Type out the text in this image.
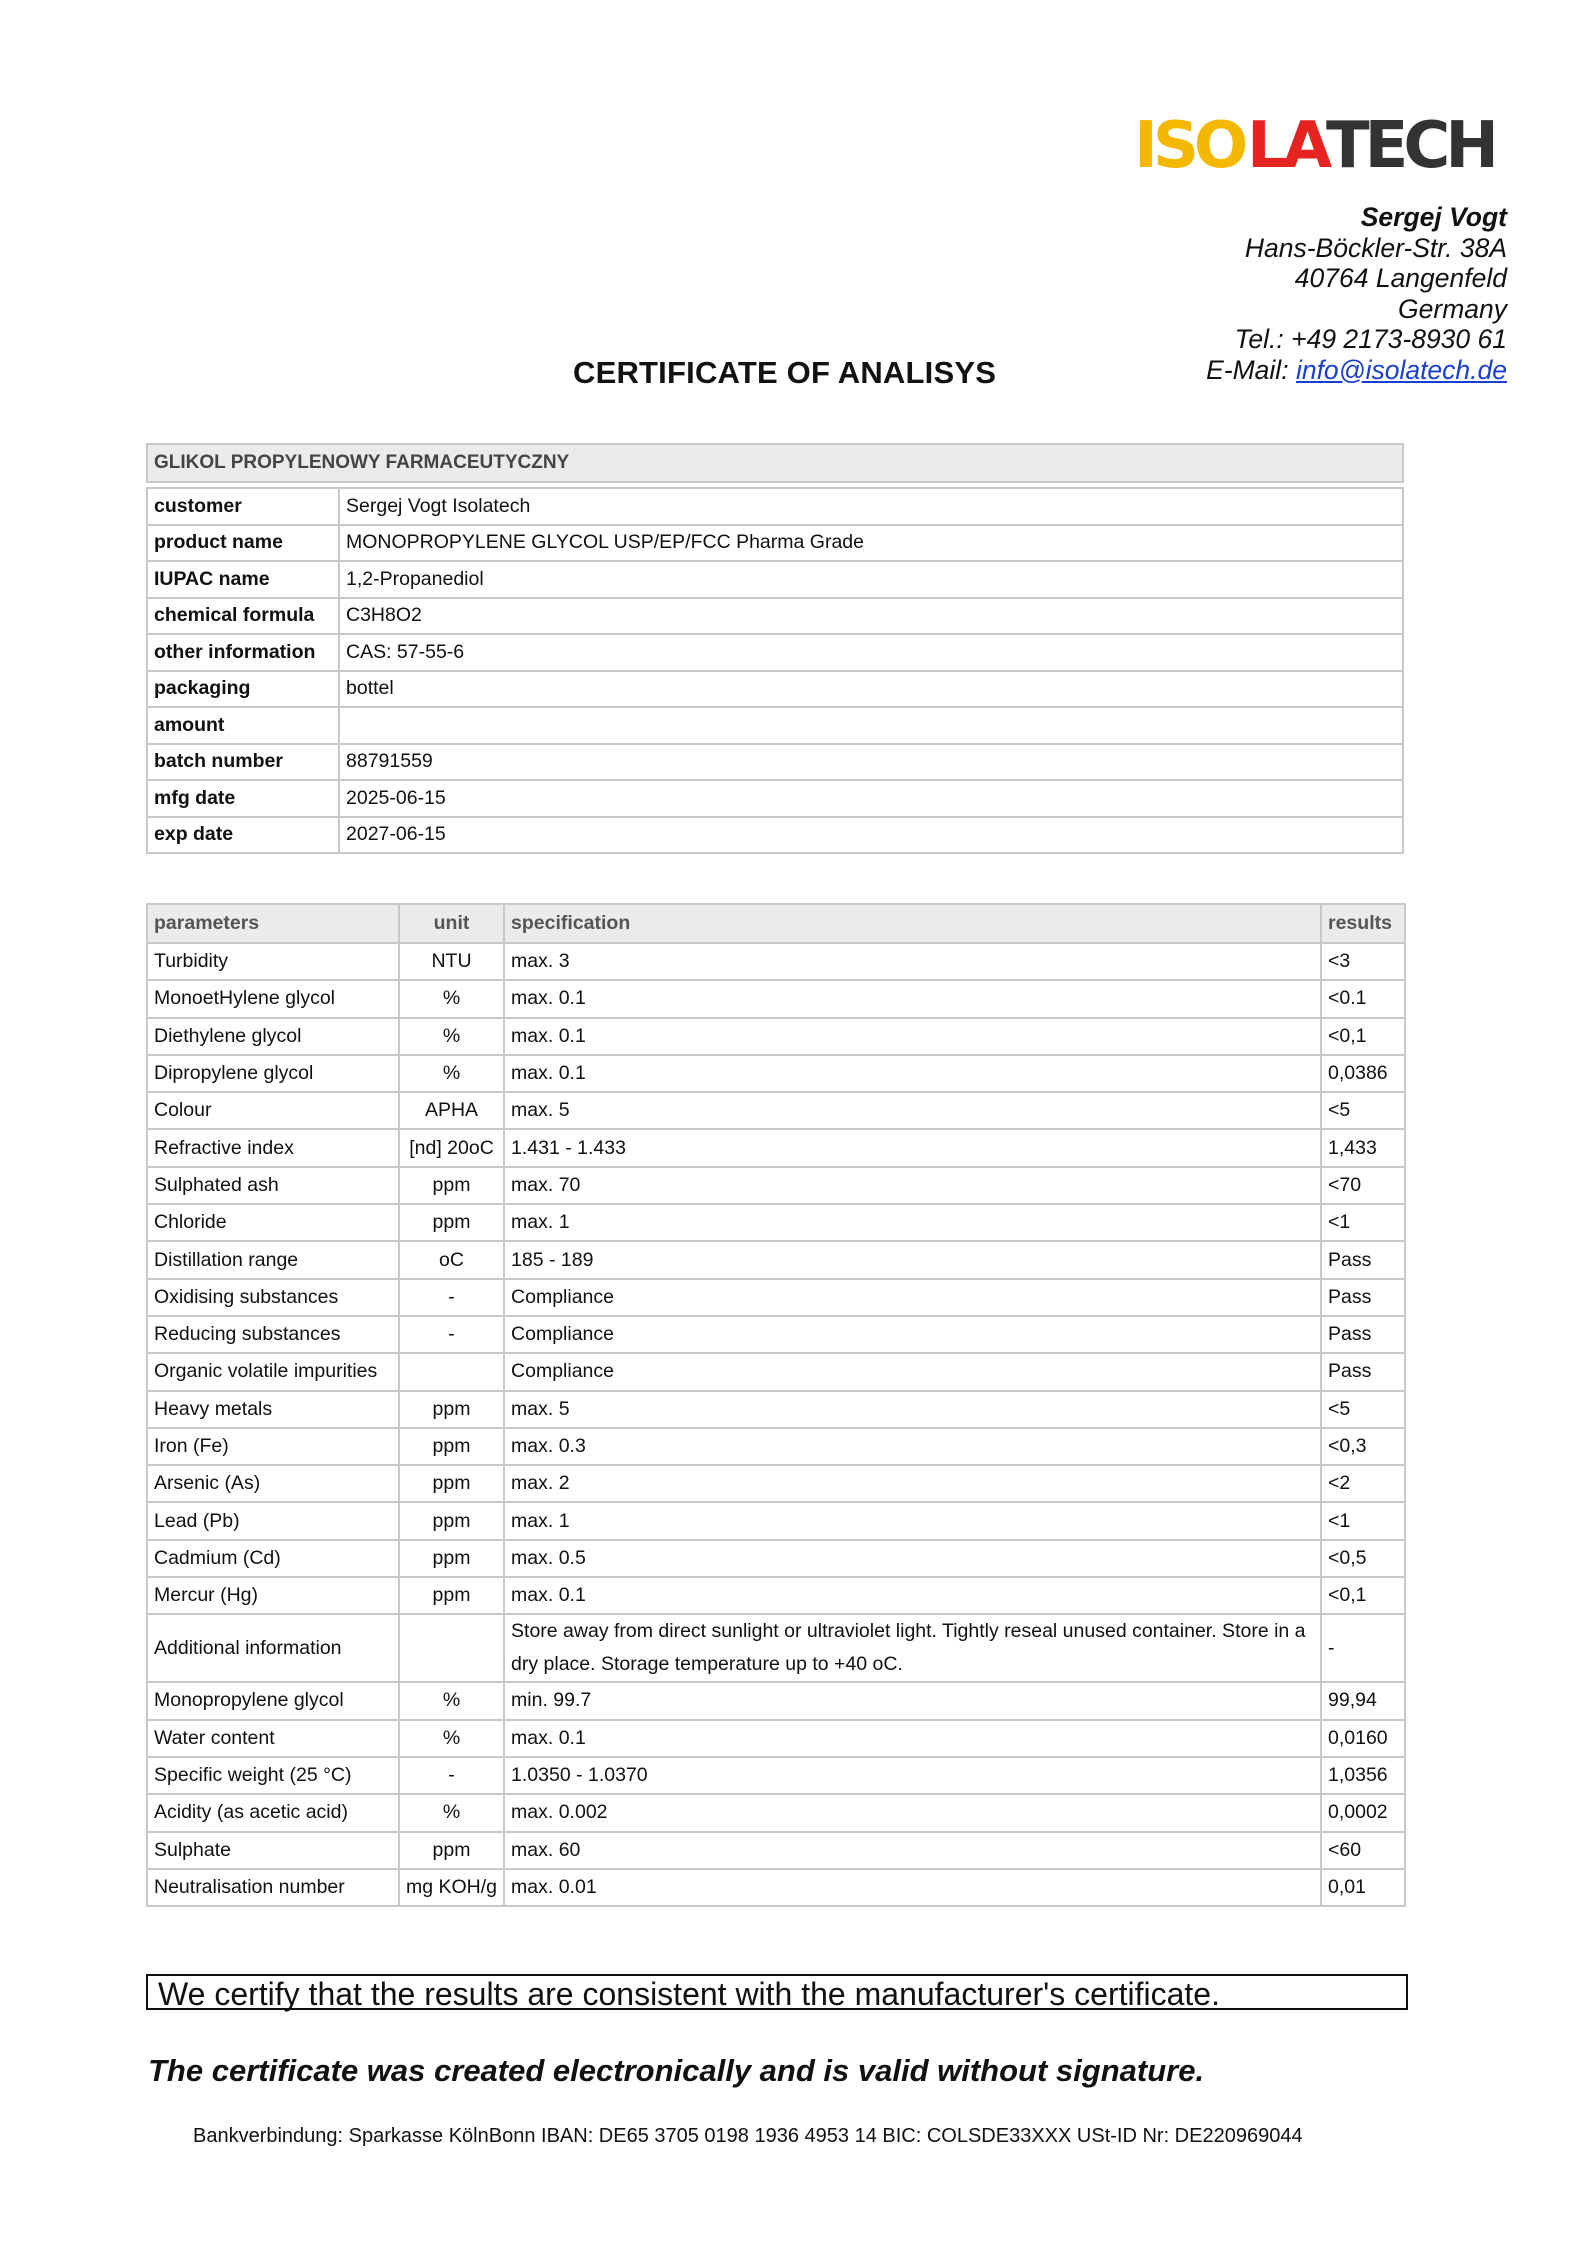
ISO LA
TECH
Sergej Vogt
Hans-Böckler-Str. 38A
40764 Langenfeld
Germany
Tel.: +49 2173-8930 61
E-Mail: info@isolatech.de
CERTIFICATE OF ANALISYS
GLIKOL PROPYLENOWY FARMACEUTYCZNY	

customer	Sergej Vogt Isolatech
product name	MONOPROPYLENE GLYCOL USP/EP/FCC Pharma Grade
IUPAC name	1,2-Propanediol
chemical formula	C3H8O2
other information	CAS: 57-55-6
packaging	bottel
amount	
batch number	88791559
mfg date	2025-06-15
exp date	2027-06-15
parameters	unit	specification	results
Turbidity	NTU	max. 3	<3
MonoetHylene glycol	%	max. 0.1	<0.1
Diethylene glycol	%	max. 0.1	<0,1
Dipropylene glycol	%	max. 0.1	0,0386
Colour	APHA	max. 5	<5
Refractive index	[nd] 20oC	1.431 - 1.433	1,433
Sulphated ash	ppm	max. 70	<70
Chloride	ppm	max. 1	<1
Distillation range	oC	185 - 189	Pass
Oxidising substances	-	Compliance	Pass
Reducing substances	-	Compliance	Pass
Organic volatile impurities		Compliance	Pass
Heavy metals	ppm	max. 5	<5
Iron (Fe)	ppm	max. 0.3	<0,3
Arsenic (As)	ppm	max. 2	<2
Lead (Pb)	ppm	max. 1	<1
Cadmium (Cd)	ppm	max. 0.5	<0,5
Mercur (Hg)	ppm	max. 0.1	<0,1
Additional information		Store away from direct sunlight or ultraviolet light. Tightly reseal unused container. Store in a dry place. Storage temperature up to +40 oC.	-
Monopropylene glycol	%	min. 99.7	99,94
Water content	%	max. 0.1	0,0160
Specific weight (25 °C)	-	1.0350 - 1.0370	1,0356
Acidity (as acetic acid)	%	max. 0.002	0,0002
Sulphate	ppm	max. 60	<60
Neutralisation number	mg KOH/g	max. 0.01	0,01
We certify that the results are consistent with the manufacturer's certificate.
The certificate was created electronically and is valid without signature.
Bankverbindung: Sparkasse KölnBonn IBAN: DE65 3705 0198 1936 4953 14 BIC: COLSDE33XXX USt-ID Nr: DE220969044
